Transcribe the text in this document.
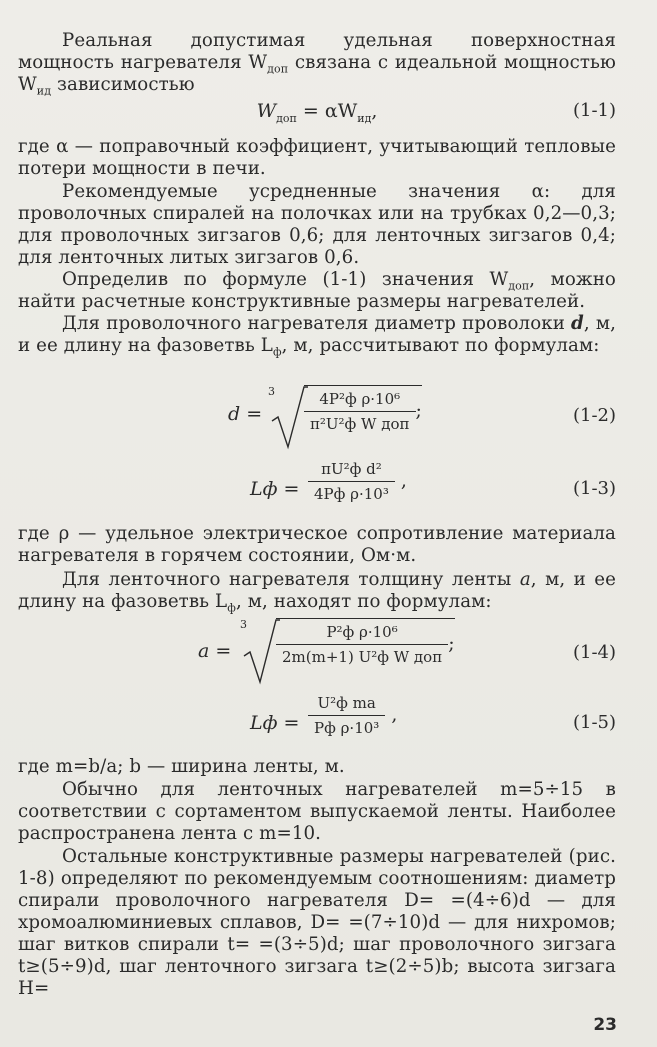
Реальная допустимая удельная поверхностная мощность нагревателя $W_{доп}$ связана с идеальной мощностью $W_{ид}$ зависимостью

$W_{доп} = \alpha W_{ид}$,	(1-1)

где α — поправочный коэффициент, учитывающий тепловые потери мощности в печи.

Рекомендуемые усредненные значения α: для проволочных спиралей на полочках или на трубках 0,2—0,3; для проволочных зигзагов 0,6; для ленточных зигзагов 0,4; для ленточных литых зигзагов 0,6.

Определив по формуле (1-1) значения $W_{доп}$, можно найти расчетные конструктивные размеры нагревателей.

Для проволочного нагревателя диаметр проволоки d, м, и ее длину на фазоветвь $L_ф$, м, рассчитывают по формулам:

d =
$3 \frac{\text{4P²ф ρ·10⁶}}{\text{π²U²ф W доп}}$ ;	(1-2)
Lф = $\frac{\text{πU²ф d²}}{\text{4Pф ρ·10³}}$ ,	(1-3)

где ρ — удельное электрическое сопротивление материала нагревателя в горячем состоянии, Ом·м.

Для ленточного нагревателя толщину ленты a, м, и ее длину на фазоветвь $L_ф$, м, находят по формулам:

a =
$3 \frac{\text{P²ф ρ·10⁶}}{\text{2m(m+1) U²ф W доп}}$ ;	(1-4)
Lф = $\frac{\text{U²ф ma}}{\text{Pф ρ·10³}}$ ,	(1-5)

где m=b/a; b — ширина ленты, м.

Обычно для ленточных нагревателей m=5÷15 в соответствии с сортаментом выпускаемой ленты. Наиболее распространена лента с m=10.

Остальные конструктивные размеры нагревателей (рис. 1-8) определяют по рекомендуемым соотношениям: диаметр спирали проволочного нагревателя D= =(4÷6)d — для хромоалюминиевых сплавов, D= =(7÷10)d — для нихромов; шаг витков спирали t= =(3÷5)d; шаг проволочного зигзага t≥(5÷9)d, шаг ленточного зигзага t≥(2÷5)b; высота зигзага H=

23
